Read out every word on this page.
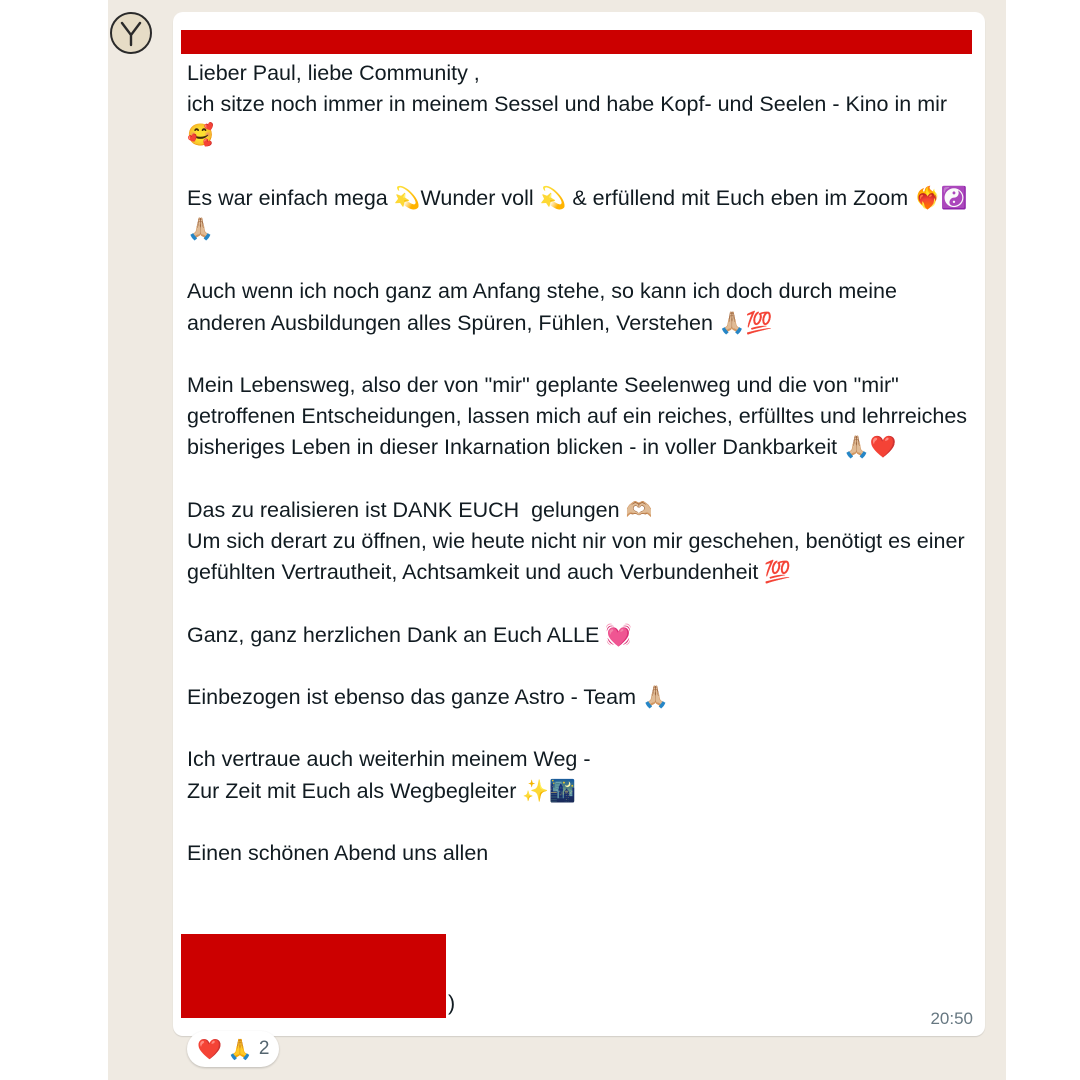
Lieber Paul, liebe Community ,
ich sitze noch immer in meinem Sessel und habe Kopf- und Seelen - Kino in mir 🥰

Es war einfach mega 💫Wunder voll 💫 & erfüllend mit Euch eben im Zoom ❤️‍🔥☯️🙏🏼

Auch wenn ich noch ganz am Anfang stehe, so kann ich doch durch meine anderen Ausbildungen alles Spüren, Fühlen, Verstehen 🙏🏼💯

Mein Lebensweg, also der von "mir" geplante Seelenweg und die von "mir" getroffenen Entscheidungen, lassen mich auf ein reiches, erfülltes und lehrreiches bisheriges Leben in dieser Inkarnation blicken - in voller Dankbarkeit 🙏🏼❤️

Das zu realisieren ist DANK EUCH  gelungen 🫶🏼
Um sich derart zu öffnen, wie heute nicht nir von mir geschehen, benötigt es einer gefühlten Vertrautheit, Achtsamkeit und auch Verbundenheit 💯

Ganz, ganz herzlichen Dank an Euch ALLE 💓

Einbezogen ist ebenso das ganze Astro - Team 🙏🏼

Ich vertraue auch weiterhin meinem Weg -
Zur Zeit mit Euch als Wegbegleiter ✨🌃

Einen schönen Abend uns allen

)
20:50
❤️ 🙏 2
